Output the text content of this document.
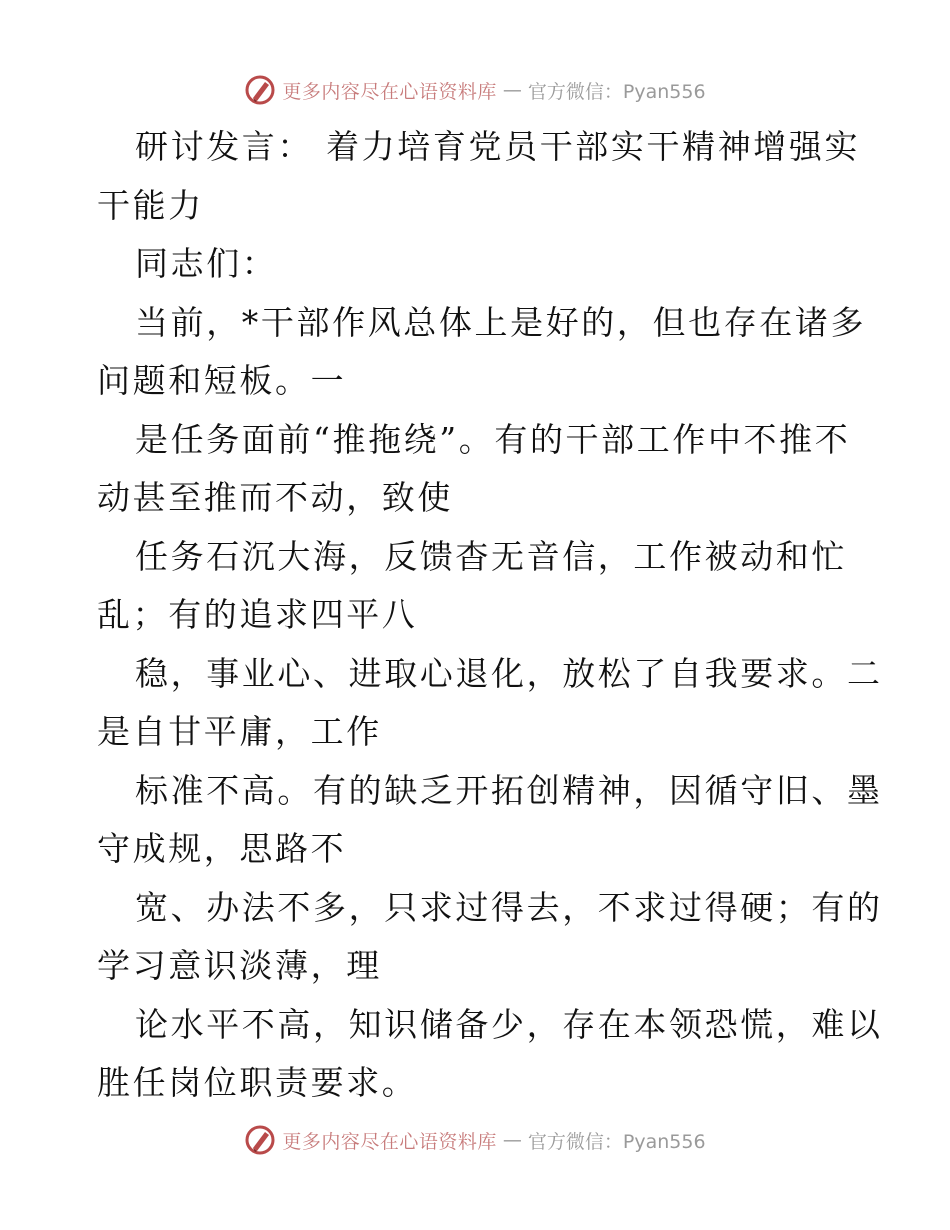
更多内容尽在心语资料库 — 官方微信：Pyan556
研讨发言： 着力培育党员干部实干精神增强实
干能力
同志们：
当前，*干部作风总体上是好的，但也存在诸多
问题和短板。一
是任务面前“推拖绕”。有的干部工作中不推不
动甚至推而不动，致使
任务石沉大海，反馈杳无音信，工作被动和忙
乱；有的追求四平八
稳，事业心、进取心退化，放松了自我要求。二
是自甘平庸，工作
标准不高。有的缺乏开拓创精神，因循守旧、墨
守成规，思路不
宽、办法不多，只求过得去，不求过得硬；有的
学习意识淡薄，理
论水平不高，知识储备少，存在本领恐慌，难以
胜任岗位职责要求。
更多内容尽在心语资料库 — 官方微信：Pyan556
